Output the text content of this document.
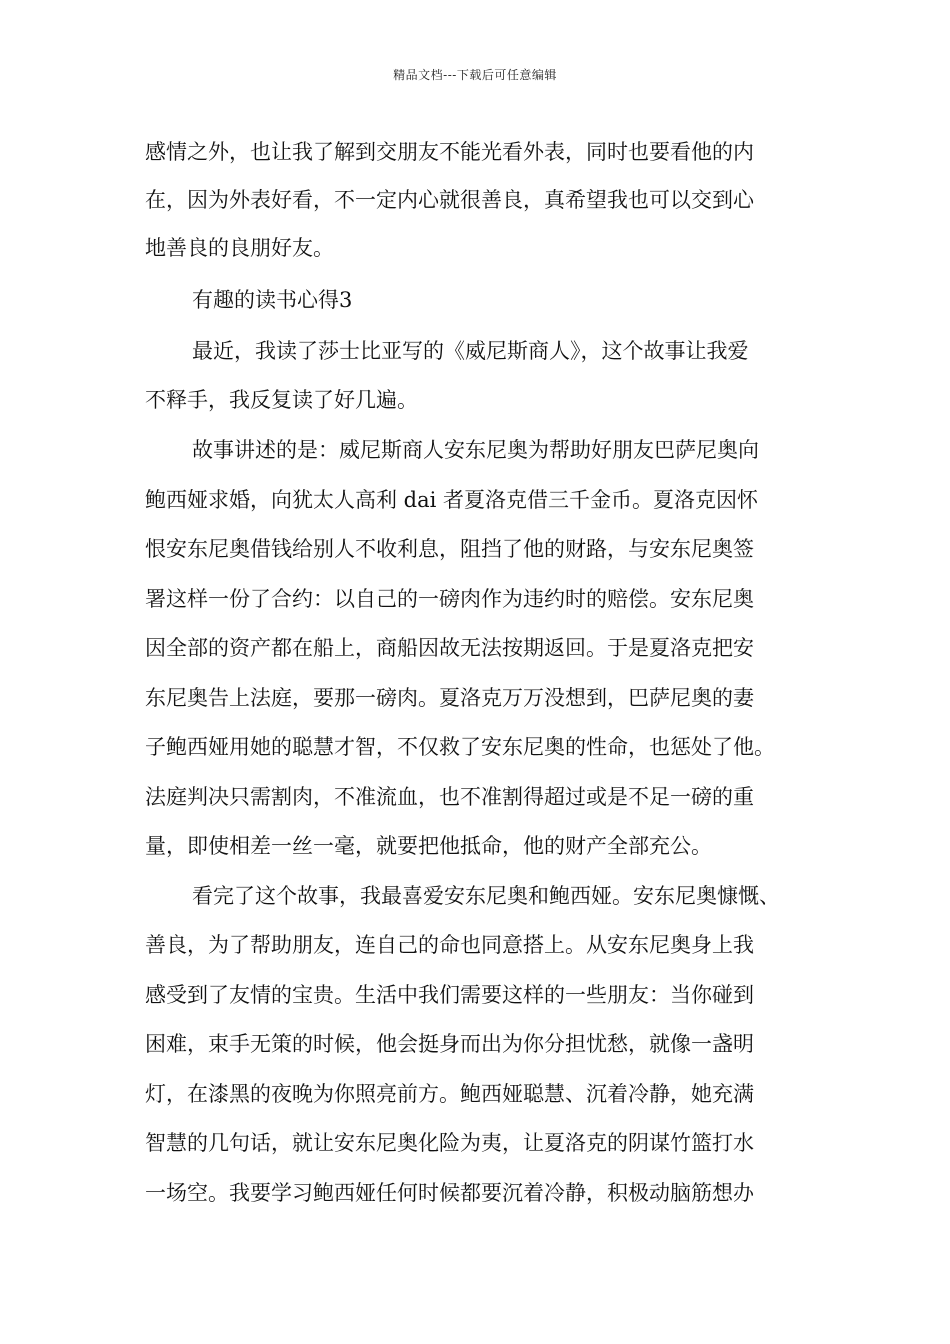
精品文档---下载后可任意编辑
感情之外，也让我了解到交朋友不能光看外表，同时也要看他的内
在，因为外表好看，不一定内心就很善良，真希望我也可以交到心
地善良的良朋好友。
有趣的读书心得3
最近，我读了莎士比亚写的《威尼斯商人》，这个故事让我爱
不释手，我反复读了好几遍。
故事讲述的是：威尼斯商人安东尼奥为帮助好朋友巴萨尼奥向
鲍西娅求婚，向犹太人高利 dai 者夏洛克借三千金币。夏洛克因怀
恨安东尼奥借钱给别人不收利息，阻挡了他的财路，与安东尼奥签
署这样一份了合约：以自己的一磅肉作为违约时的赔偿。安东尼奥
因全部的资产都在船上，商船因故无法按期返回。于是夏洛克把安
东尼奥告上法庭，要那一磅肉。夏洛克万万没想到，巴萨尼奥的妻
子鲍西娅用她的聪慧才智，不仅救了安东尼奥的性命，也惩处了他。
法庭判决只需割肉，不准流血，也不准割得超过或是不足一磅的重
量，即使相差一丝一毫，就要把他抵命，他的财产全部充公。
看完了这个故事，我最喜爱安东尼奥和鲍西娅。安东尼奥慷慨、
善良，为了帮助朋友，连自己的命也同意搭上。从安东尼奥身上我
感受到了友情的宝贵。生活中我们需要这样的一些朋友：当你碰到
困难，束手无策的时候，他会挺身而出为你分担忧愁，就像一盏明
灯，在漆黑的夜晚为你照亮前方。鲍西娅聪慧、沉着冷静，她充满
智慧的几句话，就让安东尼奥化险为夷，让夏洛克的阴谋竹篮打水
一场空。我要学习鲍西娅任何时候都要沉着冷静，积极动脑筋想办
